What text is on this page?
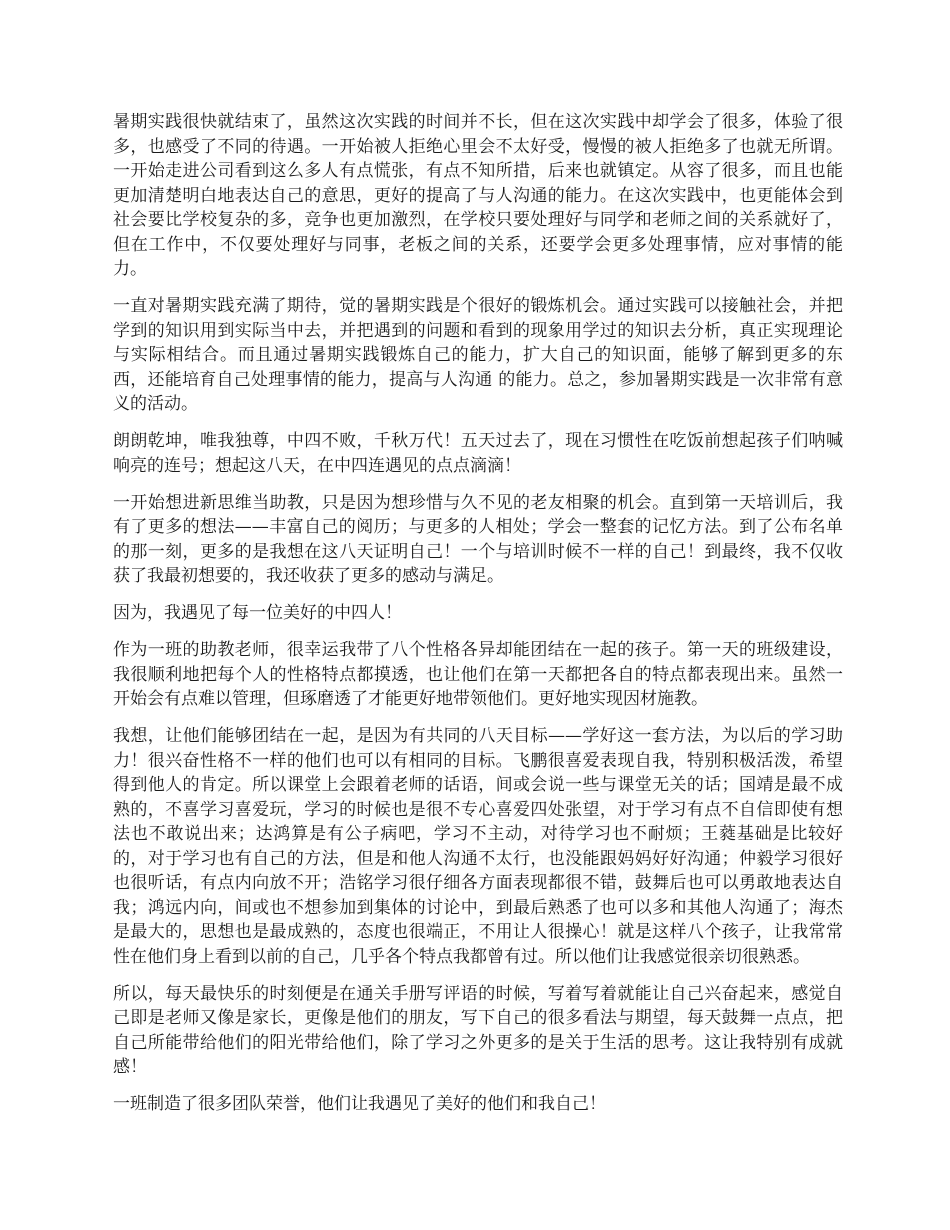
暑期实践很快就结束了，虽然这次实践的时间并不长，但在这次实践中却学会了很多，体验了很多，也感受了不同的待遇。一开始被人拒绝心里会不太好受，慢慢的被人拒绝多了也就无所谓。一开始走进公司看到这么多人有点慌张，有点不知所措，后来也就镇定。从容了很多，而且也能更加清楚明白地表达自己的意思，更好的提高了与人沟通的能力。在这次实践中，也更能体会到社会要比学校复杂的多，竞争也更加激烈，在学校只要处理好与同学和老师之间的关系就好了，但在工作中，不仅要处理好与同事，老板之间的关系，还要学会更多处理事情，应对事情的能力。

一直对暑期实践充满了期待，觉的暑期实践是个很好的锻炼机会。通过实践可以接触社会，并把学到的知识用到实际当中去，并把遇到的问题和看到的现象用学过的知识去分析，真正实现理论与实际相结合。而且通过暑期实践锻炼自己的能力，扩大自己的知识面，能够了解到更多的东西，还能培育自己处理事情的能力，提高与人沟通 的能力。总之，参加暑期实践是一次非常有意义的活动。

朗朗乾坤，唯我独尊，中四不败，千秋万代！五天过去了，现在习惯性在吃饭前想起孩子们呐喊响亮的连号；想起这八天，在中四连遇见的点点滴滴！

一开始想进新思维当助教，只是因为想珍惜与久不见的老友相聚的机会。直到第一天培训后，我有了更多的想法——丰富自己的阅历；与更多的人相处；学会一整套的记忆方法。到了公布名单的那一刻，更多的是我想在这八天证明自己！一个与培训时候不一样的自己！到最终，我不仅收获了我最初想要的，我还收获了更多的感动与满足。

因为，我遇见了每一位美好的中四人！

作为一班的助教老师，很幸运我带了八个性格各异却能团结在一起的孩子。第一天的班级建设，我很顺利地把每个人的性格特点都摸透，也让他们在第一天都把各自的特点都表现出来。虽然一开始会有点难以管理，但琢磨透了才能更好地带领他们。更好地实现因材施教。

我想，让他们能够团结在一起，是因为有共同的八天目标——学好这一套方法，为以后的学习助力！很兴奋性格不一样的他们也可以有相同的目标。飞鹏很喜爱表现自我，特别积极活泼，希望得到他人的肯定。所以课堂上会跟着老师的话语，间或会说一些与课堂无关的话；国靖是最不成熟的，不喜学习喜爱玩，学习的时候也是很不专心喜爱四处张望，对于学习有点不自信即使有想法也不敢说出来；达鸿算是有公子病吧，学习不主动，对待学习也不耐烦；王蕤基础是比较好的，对于学习也有自己的方法，但是和他人沟通不太行，也没能跟妈妈好好沟通；仲毅学习很好也很听话，有点内向放不开；浩铭学习很仔细各方面表现都很不错，鼓舞后也可以勇敢地表达自我；鸿远内向，间或也不想参加到集体的讨论中，到最后熟悉了也可以多和其他人沟通了；海杰是最大的，思想也是最成熟的，态度也很端正，不用让人很操心！就是这样八个孩子，让我常常性在他们身上看到以前的自己，几乎各个特点我都曾有过。所以他们让我感觉很亲切很熟悉。

所以，每天最快乐的时刻便是在通关手册写评语的时候，写着写着就能让自己兴奋起来，感觉自己即是老师又像是家长，更像是他们的朋友，写下自己的很多看法与期望，每天鼓舞一点点，把自己所能带给他们的阳光带给他们，除了学习之外更多的是关于生活的思考。这让我特别有成就感！

一班制造了很多团队荣誉，他们让我遇见了美好的他们和我自己！
